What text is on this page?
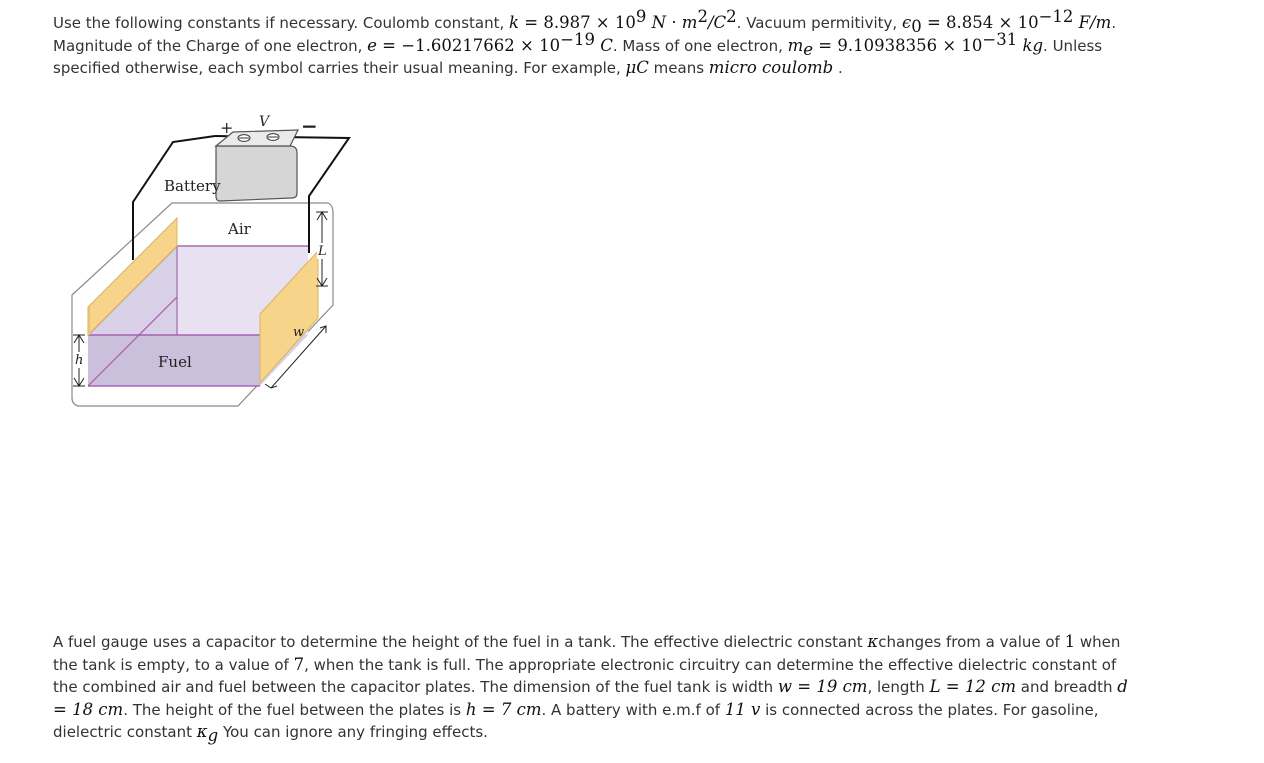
Use the following constants if necessary. Coulomb constant, $k = 8.987 \times 10^9$ $N \cdot m^2/C^2$. Vacuum permitivity, $\epsilon_0 = 8.854 \times 10^{-12}$ F/m. Magnitude of the Charge of one electron, $e = -1.60217662 \times 10^{-19}$ C. Mass of one electron, $m_e = 9.10938356 \times 10^{-31}$ kg. Unless specified otherwise, each symbol carries their usual meaning. For example, μC means micro coulomb .
+	−
V
Battery
Air
Fuel
L
w
h
A fuel gauge uses a capacitor to determine the height of the fuel in a tank. The effective dielectric constant κchanges from a value of 1 when the tank is empty, to a value of 7, when the tank is full. The appropriate electronic circuitry can determine the effective dielectric constant of the combined air and fuel between the capacitor plates. The dimension of the fuel tank is width w = 19 cm, length L = 12 cm and breadth d = 18 cm. The height of the fuel between the plates is h = 7 cm. A battery with e.m.f of 11 v is connected across the plates. For gasoline, dielectric constant $\kappa_g$ You can ignore any fringing effects.
